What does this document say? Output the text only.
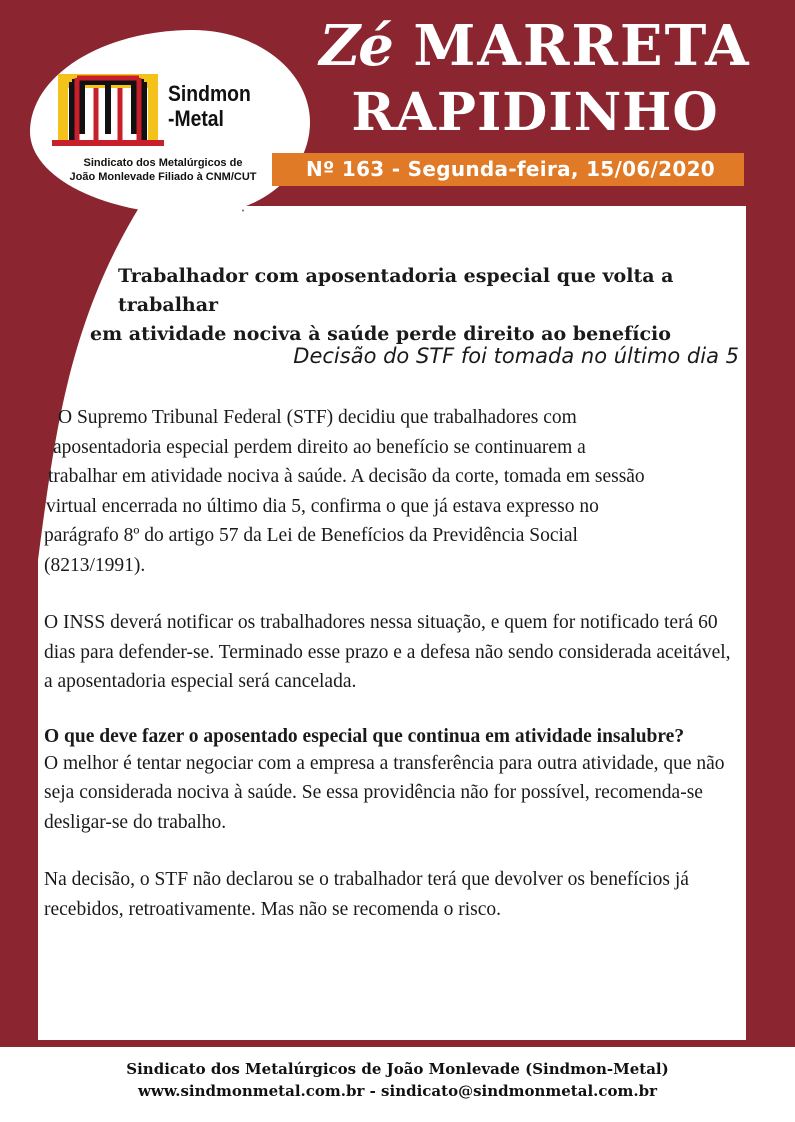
Sindmon
-Metal
Sindicato dos Metalúrgicos de
João Monlevade Filiado à CNM/CUT
Zé MARRETA
RAPIDINHO
Nº 163 - Segunda-feira, 15/06/2020
•
Trabalhador com aposentadoria especial que volta a trabalhar
em atividade nociva à saúde perde direito ao benefício
Decisão do STF foi tomada no último dia 5

O Supremo Tribunal Federal (STF) decidiu que trabalhadores com
aposentadoria especial perdem direito ao benefício se continuarem a
trabalhar em atividade nociva à saúde. A decisão da corte, tomada em sessão
virtual encerrada no último dia 5, confirma o que já estava expresso no
parágrafo 8º do artigo 57 da Lei de Benefícios da Previdência Social
(8213/1991).

O INSS deverá notificar os trabalhadores nessa situação, e quem for notificado terá 60 dias para defender-se. Terminado esse prazo e a defesa não sendo considerada aceitável, a aposentadoria especial será cancelada.

O que deve fazer o aposentado especial que continua em atividade insalubre?

O melhor é tentar negociar com a empresa a transferência para outra atividade, que não seja considerada nociva à saúde. Se essa providência não for possível, recomenda-se desligar-se do trabalho.

Na decisão, o STF não declarou se o trabalhador terá que devolver os benefícios já recebidos, retroativamente. Mas não se recomenda o risco.

Sindicato dos Metalúrgicos de João Monlevade (Sindmon-Metal)
www.sindmonmetal.com.br - sindicato@sindmonmetal.com.br
